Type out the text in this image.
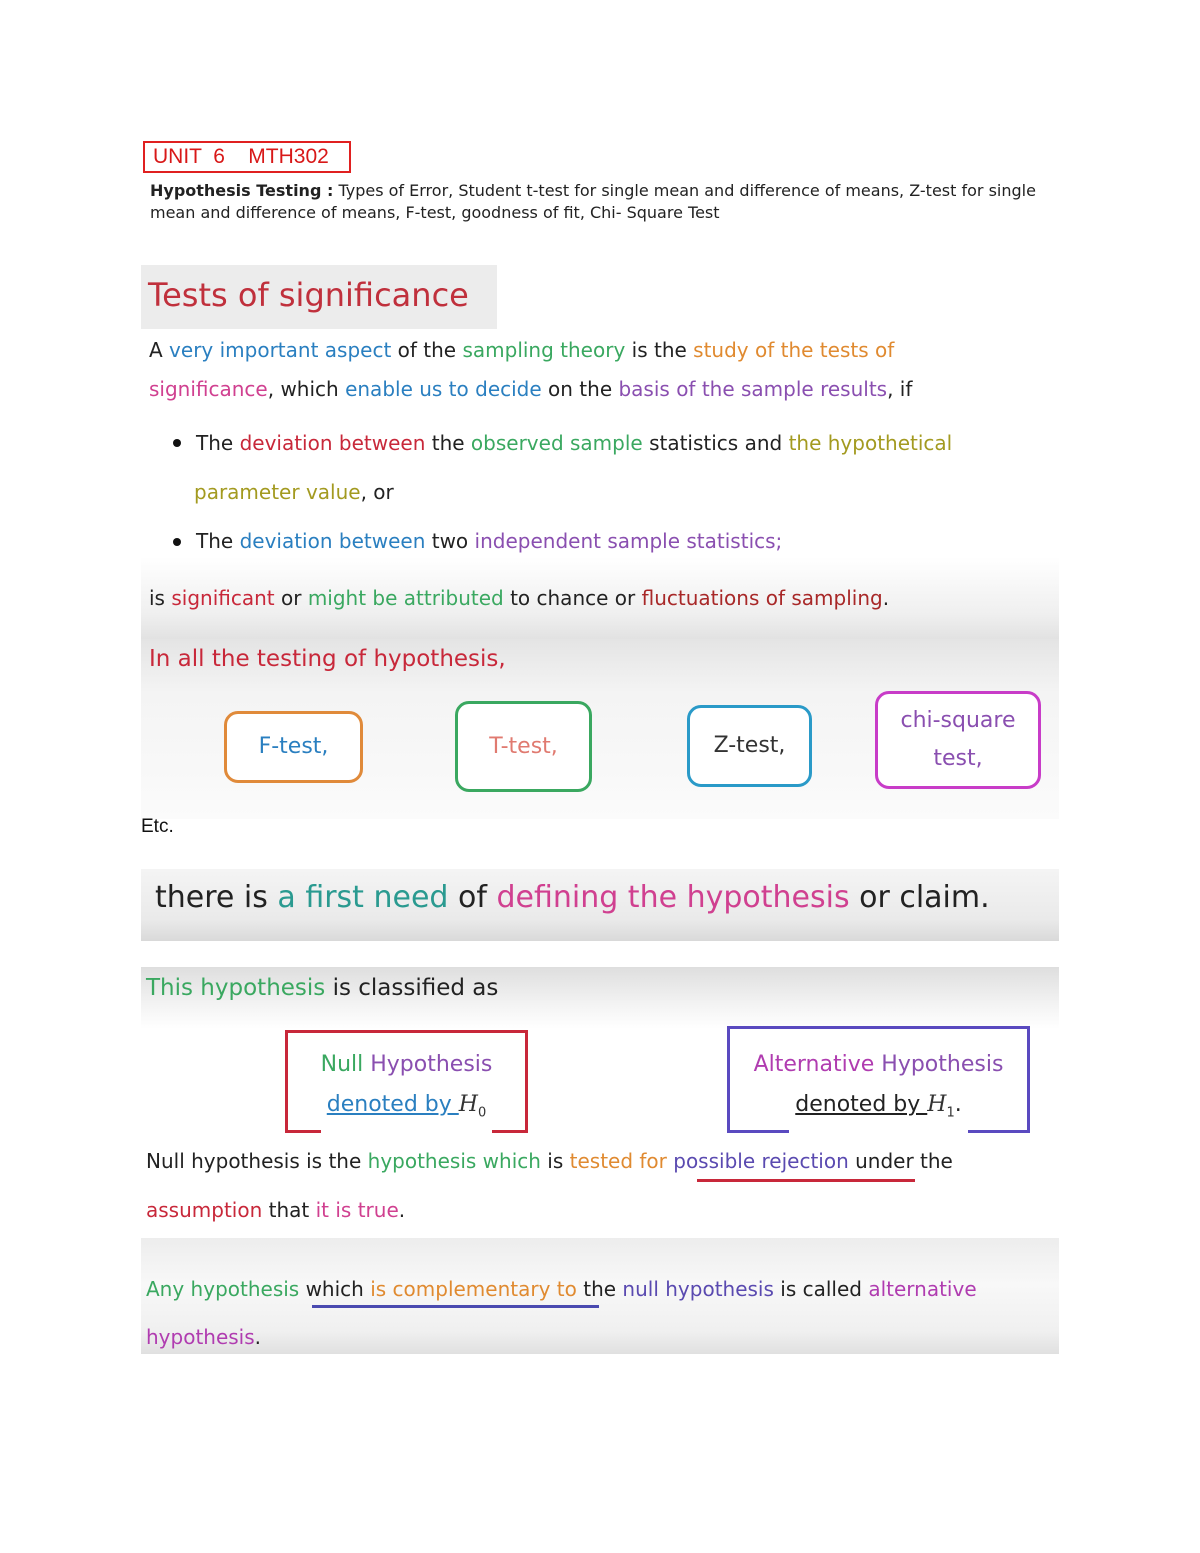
UNIT  6    MTH302
Hypothesis Testing : Types of Error, Student t-test for single mean and difference of means, Z-test for single mean and difference of means, F-test, goodness of fit, Chi- Square Test
Tests of significance
A very important aspect of the sampling theory is the study of the tests of
significance, which enable us to decide on the basis of the sample results, if
The deviation between the observed sample statistics and the hypothetical
parameter value, or
The deviation between two independent sample statistics;
is significant or might be attributed to chance or fluctuations of sampling.
In all the testing of hypothesis,
F-test,	T-test,	Z-test,
chi-square test,
Etc.
there is a first need of defining the hypothesis or claim.
This hypothesis is classified as
Null Hypothesis
denoted by $H_0$
Alternative Hypothesis
denoted by $H_1$.
Null hypothesis is the hypothesis which is tested for possible rejection under the
assumption that it is true.
Any hypothesis which is complementary to the null hypothesis is called alternative
hypothesis.
